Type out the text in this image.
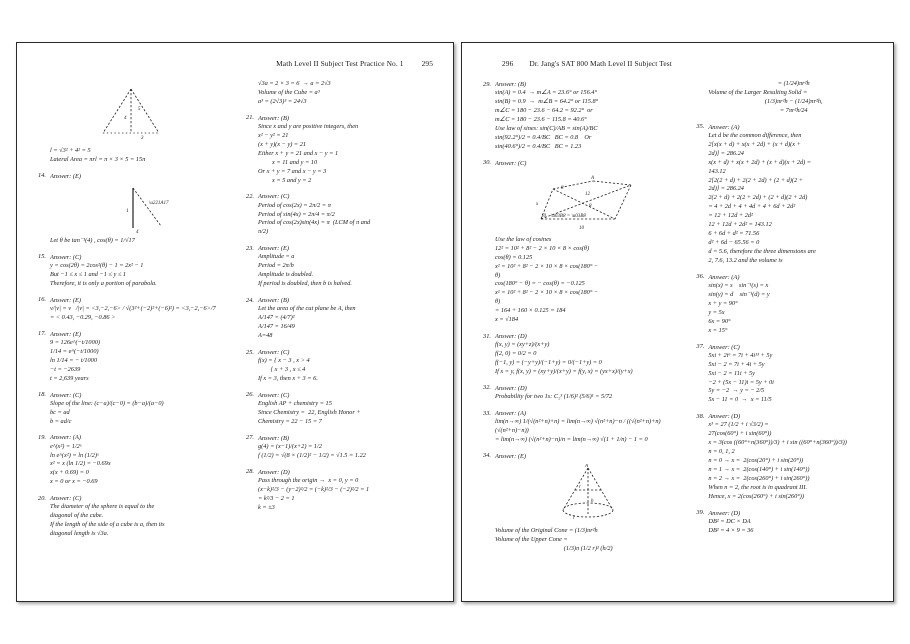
Math Level II Subject Test Practice No. 1 295
5
4
3
l = √3² + 4² = 5
Lateral Area = πrl = π × 3 × 5 = 15π
14. Answer: (E)
1
\u221A17
4
Let θ be tan⁻¹(4) , cos(θ) = 1/√17
15. Answer: (C)
y = cos(2θ) = 2cos²(θ) − 1 = 2x² − 1
But −1 ≤ x ≤ 1 and −1 ≤ y ≤ 1
Therefore, it is only a portion of parabola.
16. Answer: (E)
v/|v| = v⃗/|v| = <3,−2,−6> / √(3²+(−2)²+(−6)²) = <3,−2,−6>/7
= < 0.43, −0.29, −0.86 >
17. Answer: (E)
9 = 126e^(−t/1000)
1/14 = e^(−t/1000)
ln 1/14 = − t/1000
−t = −2639
t = 2,639 years
18. Answer: (C)
Slope of the line: (c−a)/(c−0) = (b−a)/(a−0)
bc = ad
b = ad/c
19. Answer: (A)
e^(x²) = 1/2ˣ
ln e^(x²) = ln (1/2)ˣ
x² = x (ln 1/2) = −0.69x
x(x + 0.69) = 0
x = 0 or x = −0.69
20. Answer: (C)
The diameter of the sphere is equal to the
diagonal of the cube.
If the length of the side of a cube is a, then its
diagonal length is √3a.
√3a = 2 × 3 = 6  → a = 2√3
Volume of the Cube = a³
a³ = (2√3)³ = 24√3
21. Answer: (B)
Since x and y are positive integers, then
x² − y² = 21
(x + y)(x − y) = 21
Either x + y = 21 and x − y = 1
x = 11 and y = 10
Or x + y = 7 and x − y = 3
x = 5 and y = 2
22. Answer: (C)
Period of cos(2x) = 2π/2 = π
Period of sin(4x) = 2π/4 = π/2
Period of cos(2x)sin(4x) = π  (LCM of π and
π/2)
23. Answer: (E)
Amplitude = a
Period = 2π/b
Amplitude is doubled.
If period is doubled, then b is halved.
24. Answer: (B)
Let the area of the cut plane be A, then
A/147 = (4/7)²
A/147 = 16/49
A=48
25. Answer: (C)
f(x) = { x − 3 , x > 4
{ x + 3 , x ≤ 4
If x = 3, then x + 3 = 6.
26. Answer: (C)
English AP + chemistry = 15
Since Chemistry =  22, English Honor +
Chemistry = 22 − 15 = 7
27. Answer: (B)
g(4) = (x−1)/(x+2) = 1/2
f (1/2) = √(8 × (1/2)² − 1/2) = √1.5 = 1.22
28. Answer: (D)
Pass through the origin →  x = 0, y = 0
(x−k)²/3 − (y−2)²/2 = (−k)²/3 − (−2)²/2 = 1
= k²/3 − 2 = 1
k = ±3
296 Dr. Jang's SAT 800 Math Level II Subject Test
29. Answer: (B)
sin(A) = 0.4  → m∠A = 23.6° or 156.4°
sin(B) = 0.9  →  m∠B = 64.2° or 115.8°
m∠C = 180 − 23.6 − 64.2 = 92.2°  or
m∠C = 180 − 23.6 − 115.8 = 40.6°
Use law of sines: sin(C)/AB = sin(A)/BC
sin(92.2°)/2 = 0.4/BC   BC = 0.8    Or
sin(40.6°)/2 = 0.4/BC   BC = 1.23
30. Answer: (C)
8
x
A
12
8
10 \u03B8 = \u03B8
10
Use the law of cosines
12² = 10² + 8² − 2 × 10 × 8 × cos(θ)
cos(θ) = 0.125
x² = 10² + 8² − 2 × 10 × 8 × cos(180° −
θ)
cos(180° − θ) = − cos(θ) = −0.125
x² = 10² + 8² − 2 × 10 × 8 × cos(180° −
θ)
= 164 + 160 × 0.125 = 184
x = √184
31. Answer: (D)
f(x, y) = (xy+z)/(x+y)
f(2, 0) = 0/2 = 0
f(−1, y) = (−y+y)/(−1+y) = 0/(−1+y) = 0
If x = y, f(x, y) = (xy+y)/(x+y) = f(y, x) = (yx+x)/(y+x)
32. Answer: (D)
Probability for two 1s: C₂³ (1/6)² (5/6)¹ = 5/72
33. Answer: (A)
lim(n→∞) 1/(√(n²+n)+n) = lim(n→∞) √(n²+n)−n / ((√(n²+n)+n)(√(n²+n)−n))
= lim(n→∞) (√(n²+n)−n)/n = lim(n→∞) √(1 + 1/n) − 1 = 0
34. Answer: (E)
A
r
h
r
Volume of the Original Cone = (1/3)πr²h
Volume of the Upper Cone =
(1/3)π (1/2 r)² (h/2)
= (1/24)πr²h
Volume of the Larger Resulting Solid =
(1/3)πr²h − (1/24)πr²h,
= 7πr²h/24
35. Answer: (A)
Let d be the common difference, then
2[x(x + d) + x(x + 2d) + (x + d)(x +
2d)] = 286.24
x(x + d) + x(x + 2d) + (x + d)(x + 2d) =
143.12
2[2(2 + d) + 2(2 + 2d) + (2 + d)(2 +
2d)] = 286.24
2(2 + d) + 2(2 + 2d) + (2 + d)(2 + 2d)
= 4 + 2d + 4 + 4d + 4 + 6d + 2d²
= 12 + 12d + 2d²
12 + 12d + 2d² = 143.12
6 + 6d + d² = 71.56
d² + 6d − 65.56 = 0
d = 5.6, therefore the three dimensions are
2, 7.6, 13.2 and the volume is
36. Answer: (A)
sin(x) = s    sin⁻¹(s) = x
sin(y) = d    sin⁻¹(d) = y
x + y = 90°
y = 5x
6x = 90°
x = 15°
37. Answer: (C)
5xi + 2i⁶ = 7i + 4i¹³ + 5y
5xi − 2 = 7i + 4i + 5y
5xi − 2 = 11i + 5y
−2 + (5x − 11)i = 5y + 0i
5y = −2  → y = − 2/5
5x − 11 = 0  →  x = 11/5
38. Answer: (D)
x³ = 27 (1/2 + i √3/2) =
27(cos(60°) + i sin(60°))
x = 3(cos ((60°+n(360°))/3) + i sin ((60°+n(360°))/3))
n = 0, 1, 2
n = 0 → x =  2(cos(20°) + i sin(20°))
n = 1 → x =  2(cos(140°) + i sin(140°))
n = 2 → x =  2(cos(260°) + i sin(260°))
When n = 2, the root is in quadrant III.
Hence, x = 2(cos(260°) + i sin(260°))
39. Answer: (D)
DB² = DC × DA
DB² = 4 × 9 = 36
